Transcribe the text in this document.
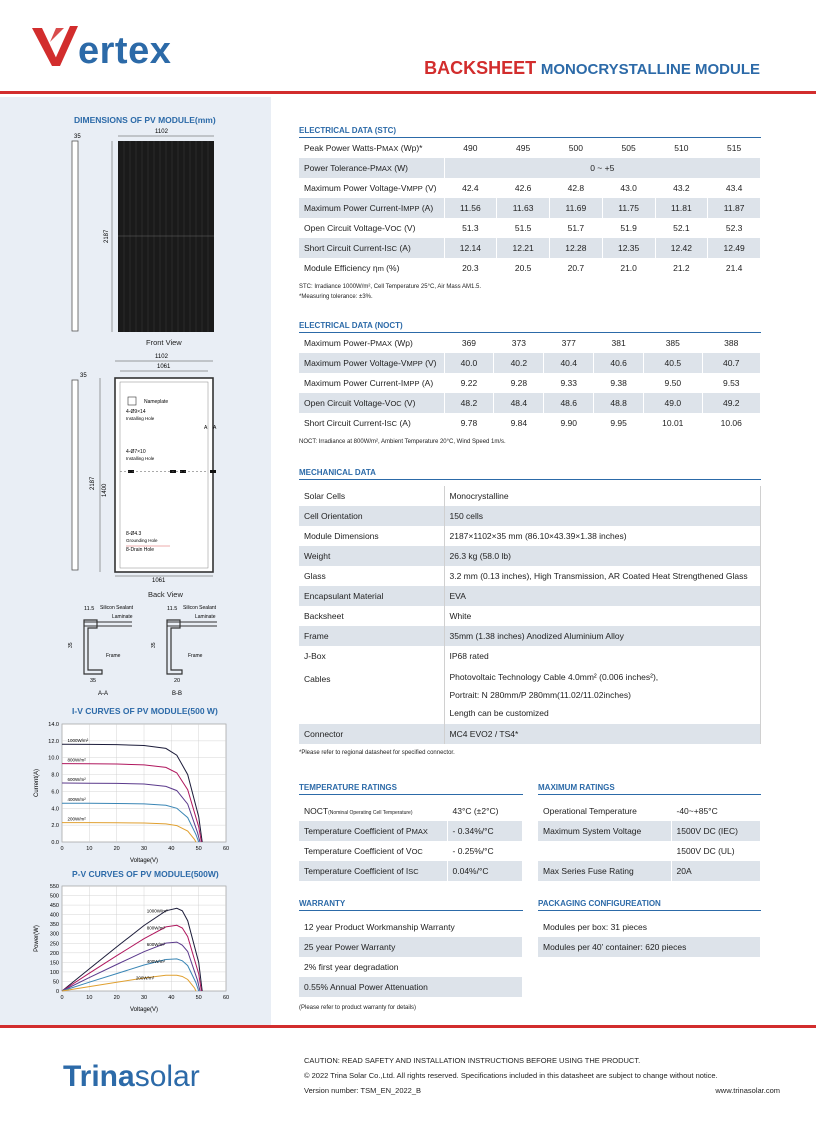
ertex	BACKSHEET MONOCRYSTALLINE MODULE
DIMENSIONS OF PV MODULE(mm)
35
1102
2187
Front View
1102
1061
35
2187
1400
Nameplate
4-Ø9×14
Installing Hole
4-Ø7×10
Installing Hole
A A
8-Ø4.3
Grounding Hole
8-Drain Hole
1061
Back View
11.5 Silicon Sealant
Laminate
Frame
35
35
A-A
11.5 Silicon Sealant
Laminate
Frame
35
20
B-B
I-V CURVES OF PV MODULE(500 W)
0.0
2.0
4.0
6.0
8.0
10.0
12.0
14.0
0	10	20	30	40	50	60
Voltage(V)
Current(A)
1000W/m²
800W/m²
600W/m²
400W/m²
200W/m²
P-V CURVES OF PV MODULE(500W)
0
50
100
150
200
250
300
350
400
450
500
550
0	10	20	30	40	50	60
Voltage(V)
Power(W)
1000W/m²
800W/m²
600W/m²
400W/m²
200W/m²
ELECTRICAL DATA (STC)
Peak Power Watts-PMAX (Wp)*	490	495	500	505	510	515
Power Tolerance-PMAX (W)	0 ~ +5					
Maximum Power Voltage-VMPP (V)	42.4	42.6	42.8	43.0	43.2	43.4
Maximum Power Current-IMPP (A)	11.56	11.63	11.69	11.75	11.81	11.87
Open Circuit Voltage-VOC (V)	51.3	51.5	51.7	51.9	52.1	52.3
Short Circuit Current-ISC (A)	12.14	12.21	12.28	12.35	12.42	12.49
Module Efficiency ηm (%)	20.3	20.5	20.7	21.0	21.2	21.4
STC: Irradiance 1000W/m², Cell Temperature 25°C, Air Mass AM1.5.
*Measuring tolerance: ±3%.
ELECTRICAL DATA (NOCT)
Maximum Power-PMAX (Wp)	369	373	377	381	385	388
Maximum Power Voltage-VMPP (V)	40.0	40.2	40.4	40.6	40.5	40.7
Maximum Power Current-IMPP (A)	9.22	9.28	9.33	9.38	9.50	9.53
Open Circuit Voltage-VOC (V)	48.2	48.4	48.6	48.8	49.0	49.2
Short Circuit Current-ISC (A)	9.78	9.84	9.90	9.95	10.01	10.06
NOCT: Irradiance at 800W/m², Ambient Temperature 20°C, Wind Speed 1m/s.
MECHANICAL DATA
Solar Cells	Monocrystalline
Cell Orientation	150 cells
Module Dimensions	2187×1102×35 mm (86.10×43.39×1.38 inches)
Weight	26.3 kg (58.0 lb)
Glass	3.2 mm (0.13 inches), High Transmission, AR Coated Heat Strengthened Glass
Encapsulant Material	EVA
Backsheet	White
Frame	35mm (1.38 inches) Anodized Aluminium Alloy
J-Box	IP68 rated
Cables	Photovoltaic Technology Cable 4.0mm² (0.006 inches²),
Portrait: N 280mm/P 280mm(11.02/11.02inches)
Length can be customized

Connector	MC4 EVO2 / TS4*
*Please refer to regional datasheet for specified connector.
TEMPERATURE RATINGS
NOCT(Nominal Operating Cell Temperature)	43°C (±2°C)
Temperature Coefficient of PMAX	- 0.34%/°C
Temperature Coefficient of VOC	- 0.25%/°C
Temperature Coefficient of ISC	0.04%/°C
MAXIMUM RATINGS
Operational Temperature	-40~+85°C
Maximum System Voltage	1500V DC (IEC)
	1500V DC (UL)
Max Series Fuse Rating	20A
WARRANTY
12 year Product Workmanship Warranty
25 year Power Warranty
2% first year degradation
0.55% Annual Power Attenuation
(Please refer to product warranty for details)
PACKAGING CONFIGUREATION
Modules per box: 31 pieces
Modules per 40’ container: 620 pieces
Trinasolar	CAUTION: READ SAFETY AND INSTALLATION INSTRUCTIONS BEFORE USING THE PRODUCT.
© 2022 Trina Solar Co.,Ltd. All rights reserved. Specifications included in this datasheet are subject to change without notice.
Version number: TSM_EN_2022_B	www.trinasolar.com
